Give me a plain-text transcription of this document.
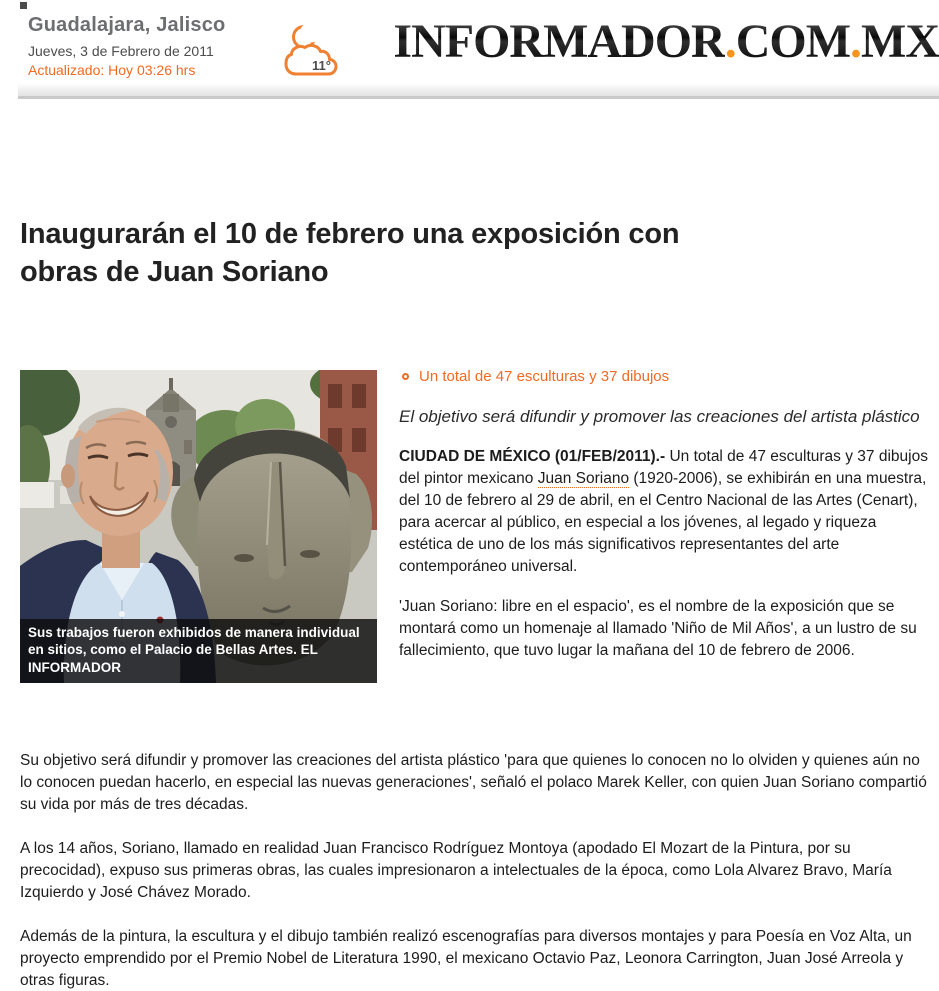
Guadalajara, Jalisco
Jueves, 3 de Febrero de 2011
Actualizado: Hoy 03:26 hrs	11° INFORMADOR.COM.MX
Inaugurarán el 10 de febrero una exposición con obras de Juan Soriano
Sus trabajos fueron exhibidos de manera individual en sitios, como el Palacio de Bellas Artes. EL INFORMADOR
Un total de 47 esculturas y 37 dibujos
El objetivo será difundir y promover las creaciones del artista plástico

CIUDAD DE MÉXICO (01/FEB/2011).- Un total de 47 esculturas y 37 dibujos del pintor mexicano Juan Soriano (1920-2006), se exhibirán en una muestra, del 10 de febrero al 29 de abril, en el Centro Nacional de las Artes (Cenart), para acercar al público, en especial a los jóvenes, al legado y riqueza estética de uno de los más significativos representantes del arte contemporáneo universal.

'Juan Soriano: libre en el espacio', es el nombre de la exposición que se montará como un homenaje al llamado 'Niño de Mil Años', a un lustro de su fallecimiento, que tuvo lugar la mañana del 10 de febrero de 2006.

Su objetivo será difundir y promover las creaciones del artista plástico 'para que quienes lo conocen no lo olviden y quienes aún no lo conocen puedan hacerlo, en especial las nuevas generaciones', señaló el polaco Marek Keller, con quien Juan Soriano compartió su vida por más de tres décadas.

A los 14 años, Soriano, llamado en realidad Juan Francisco Rodríguez Montoya (apodado El Mozart de la Pintura, por su precocidad), expuso sus primeras obras, las cuales impresionaron a intelectuales de la época, como Lola Alvarez Bravo, María Izquierdo y José Chávez Morado.

Además de la pintura, la escultura y el dibujo también realizó escenografías para diversos montajes y para Poesía en Voz Alta, un proyecto emprendido por el Premio Nobel de Literatura 1990, el mexicano Octavio Paz, Leonora Carrington, Juan José Arreola y otras figuras.
